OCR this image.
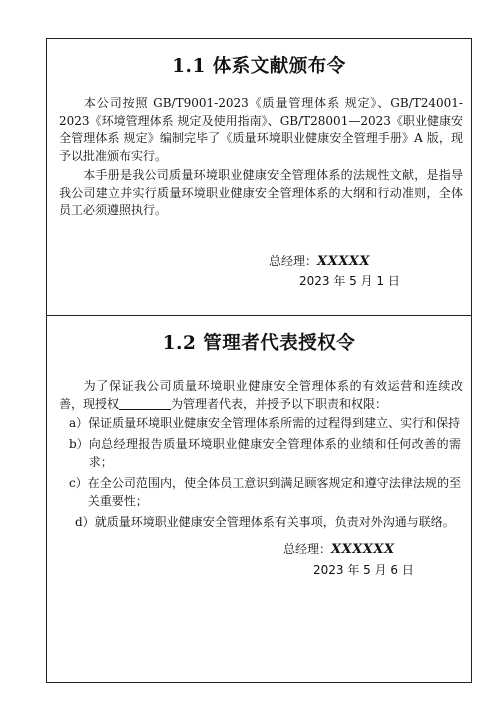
1.1 体系文献颁布令
本公司按照 GB/T9001-2023《质量管理体系 规定》、GB/T24001-2023《环境管理体系 规定及使用指南》、GB/T28001—2023《职业健康安全管理体系 规定》编制完毕了《质量环境职业健康安全管理手册》A 版，现予以批准颁布实行。
本手册是我公司质量环境职业健康安全管理体系的法规性文献，是指导我公司建立并实行质量环境职业健康安全管理体系的大纲和行动准则，全体员工必须遵照执行。
总经理：XXXXX
2023 年 5 月 1 日
1.2 管理者代表授权令
为了保证我公司质量环境职业健康安全管理体系的有效运营和连续改善，现授权	为管理者代表，并授予以下职责和权限：
a） 保证质量环境职业健康安全管理体系所需的过程得到建立、实行和保持
b） 向总经理报告质量环境职业健康安全管理体系的业绩和任何改善的需求；
c） 在全公司范围内，使全体员工意识到满足顾客规定和遵守法律法规的至关重要性；
d） 就质量环境职业健康安全管理体系有关事项，负责对外沟通与联络。
总经理：XXXXXX
2023 年 5 月 6 日
